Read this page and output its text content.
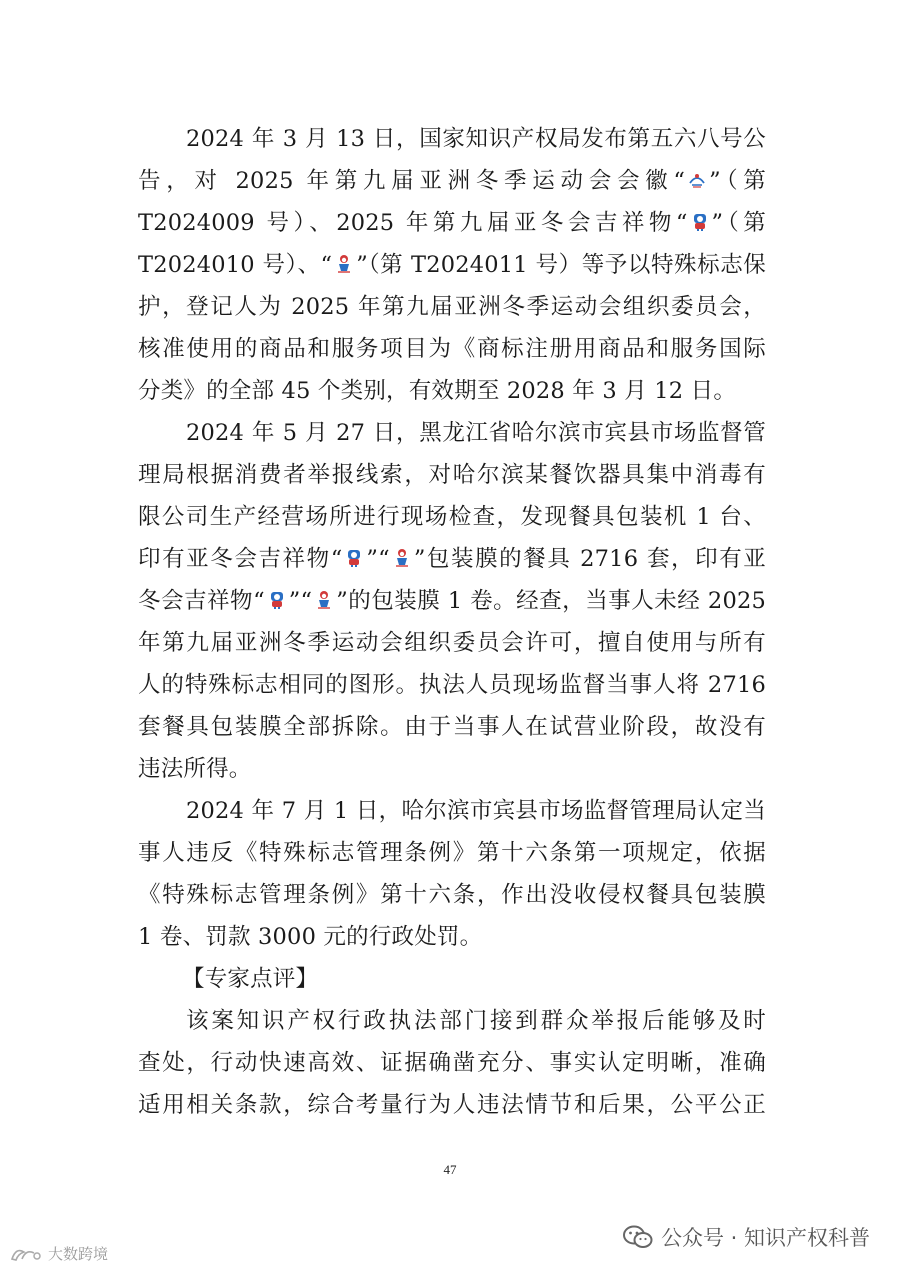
2024 年 3 月 13 日，国家知识产权局发布第五六八号公
告，对 2025 年第九届亚洲冬季运动会会徽“ ”（第
T2024009 号）、2025 年第九届亚冬会吉祥物“ ”（第
T2024010 号）、“ ”（第 T2024011 号）等予以特殊标志保
护，登记人为 2025 年第九届亚洲冬季运动会组织委员会，
核准使用的商品和服务项目为《商标注册用商品和服务国际
分类》的全部 45 个类别，有效期至 2028 年 3 月 12 日。
2024 年 5 月 27 日，黑龙江省哈尔滨市宾县市场监督管
理局根据消费者举报线索，对哈尔滨某餐饮器具集中消毒有
限公司生产经营场所进行现场检查，发现餐具包装机 1 台、
印有亚冬会吉祥物“ ”“ ”包装膜的餐具 2716 套，印有亚
冬会吉祥物“ ”“ ”的包装膜 1 卷。经查，当事人未经 2025
年第九届亚洲冬季运动会组织委员会许可，擅自使用与所有
人的特殊标志相同的图形。执法人员现场监督当事人将 2716
套餐具包装膜全部拆除。由于当事人在试营业阶段，故没有
违法所得。
2024 年 7 月 1 日，哈尔滨市宾县市场监督管理局认定当
事人违反《特殊标志管理条例》第十六条第一项规定，依据
《特殊标志管理条例》第十六条，作出没收侵权餐具包装膜
1 卷、罚款 3000 元的行政处罚。
【专家点评】
该案知识产权行政执法部门接到群众举报后能够及时
查处，行动快速高效、证据确凿充分、事实认定明晰，准确
适用相关条款，综合考量行为人违法情节和后果，公平公正
47
公众号 · 知识产权科普
大数跨境
